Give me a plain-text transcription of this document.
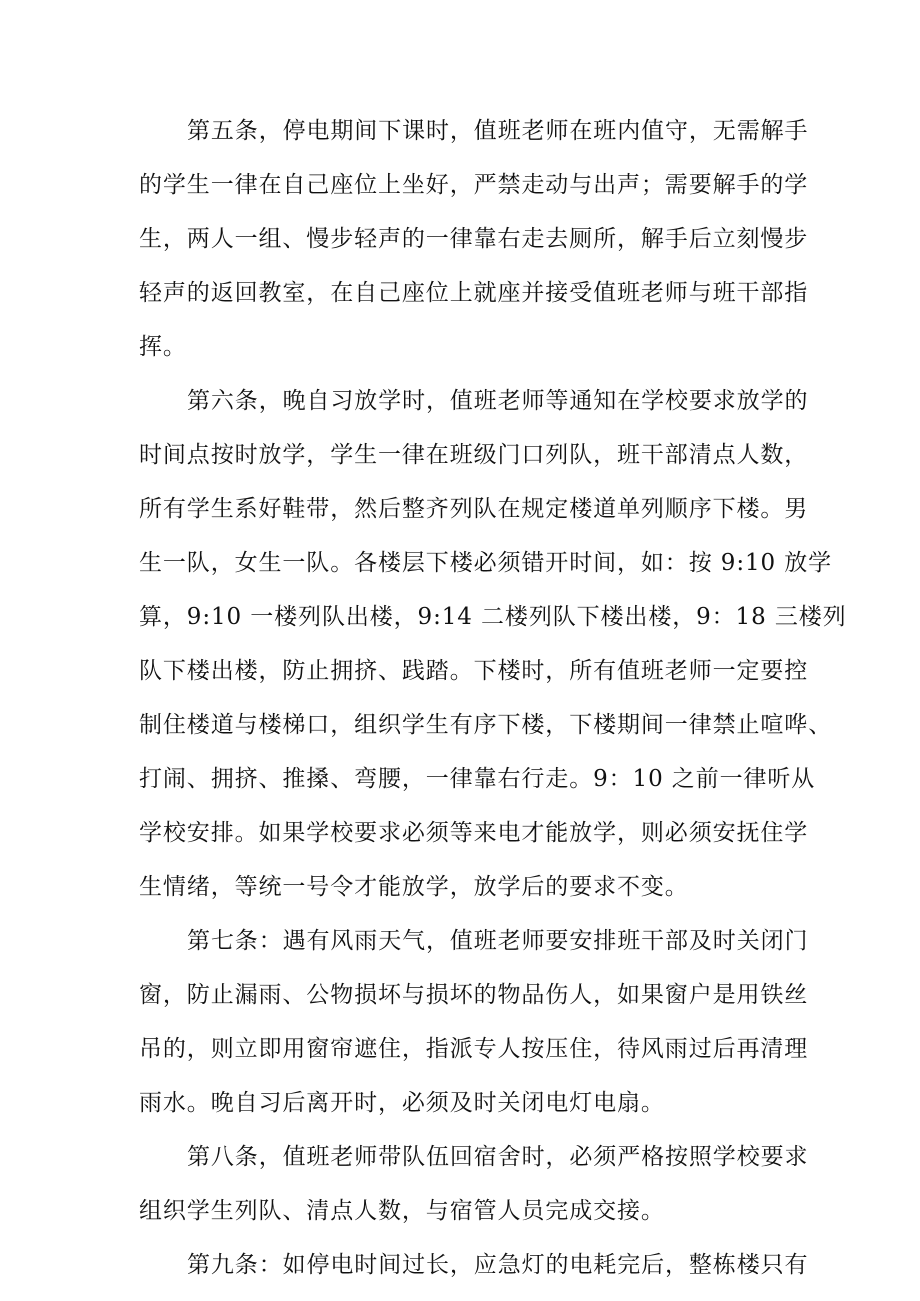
第五条，停电期间下课时，值班老师在班内值守，无需解手
的学生一律在自己座位上坐好，严禁走动与出声；需要解手的学
生，两人一组、慢步轻声的一律靠右走去厕所，解手后立刻慢步
轻声的返回教室，在自己座位上就座并接受值班老师与班干部指
挥。
第六条，晚自习放学时，值班老师等通知在学校要求放学的
时间点按时放学，学生一律在班级门口列队，班干部清点人数，
所有学生系好鞋带，然后整齐列队在规定楼道单列顺序下楼。男
生一队，女生一队。各楼层下楼必须错开时间，如：按 9:10 放学
算，9:10 一楼列队出楼，9:14 二楼列队下楼出楼，9：18 三楼列
队下楼出楼，防止拥挤、践踏。下楼时，所有值班老师一定要控
制住楼道与楼梯口，组织学生有序下楼，下楼期间一律禁止喧哗、
打闹、拥挤、推搡、弯腰，一律靠右行走。9：10 之前一律听从
学校安排。如果学校要求必须等来电才能放学，则必须安抚住学
生情绪，等统一号令才能放学，放学后的要求不变。
第七条：遇有风雨天气，值班老师要安排班干部及时关闭门
窗，防止漏雨、公物损坏与损坏的物品伤人，如果窗户是用铁丝
吊的，则立即用窗帘遮住，指派专人按压住，待风雨过后再清理
雨水。晚自习后离开时，必须及时关闭电灯电扇。
第八条，值班老师带队伍回宿舍时，必须严格按照学校要求
组织学生列队、清点人数，与宿管人员完成交接。
第九条：如停电时间过长，应急灯的电耗完后，整栋楼只有
